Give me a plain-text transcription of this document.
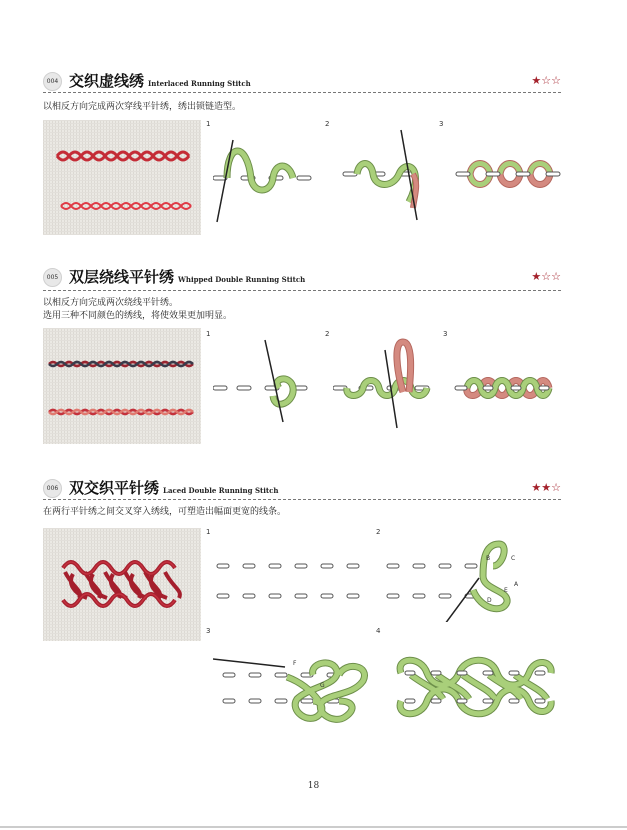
004 交织虚线绣 Interlaced Running Stitch	★☆☆
以相反方向完成两次穿线平针绣，绣出锁链造型。
1	2	3
005 双层绕线平针绣 Whipped Double Running Stitch	★☆☆
以相反方向完成两次绕线平针绣。
选用三种不同颜色的绣线，将使效果更加明显。
1	2	3
006 双交织平针绣 Laced Double Running Stitch	★★☆
在两行平针绣之间交叉穿入绣线，可塑造出幅面更宽的线条。
1	2
B	C
A
D
E
3
F
G
4
18
